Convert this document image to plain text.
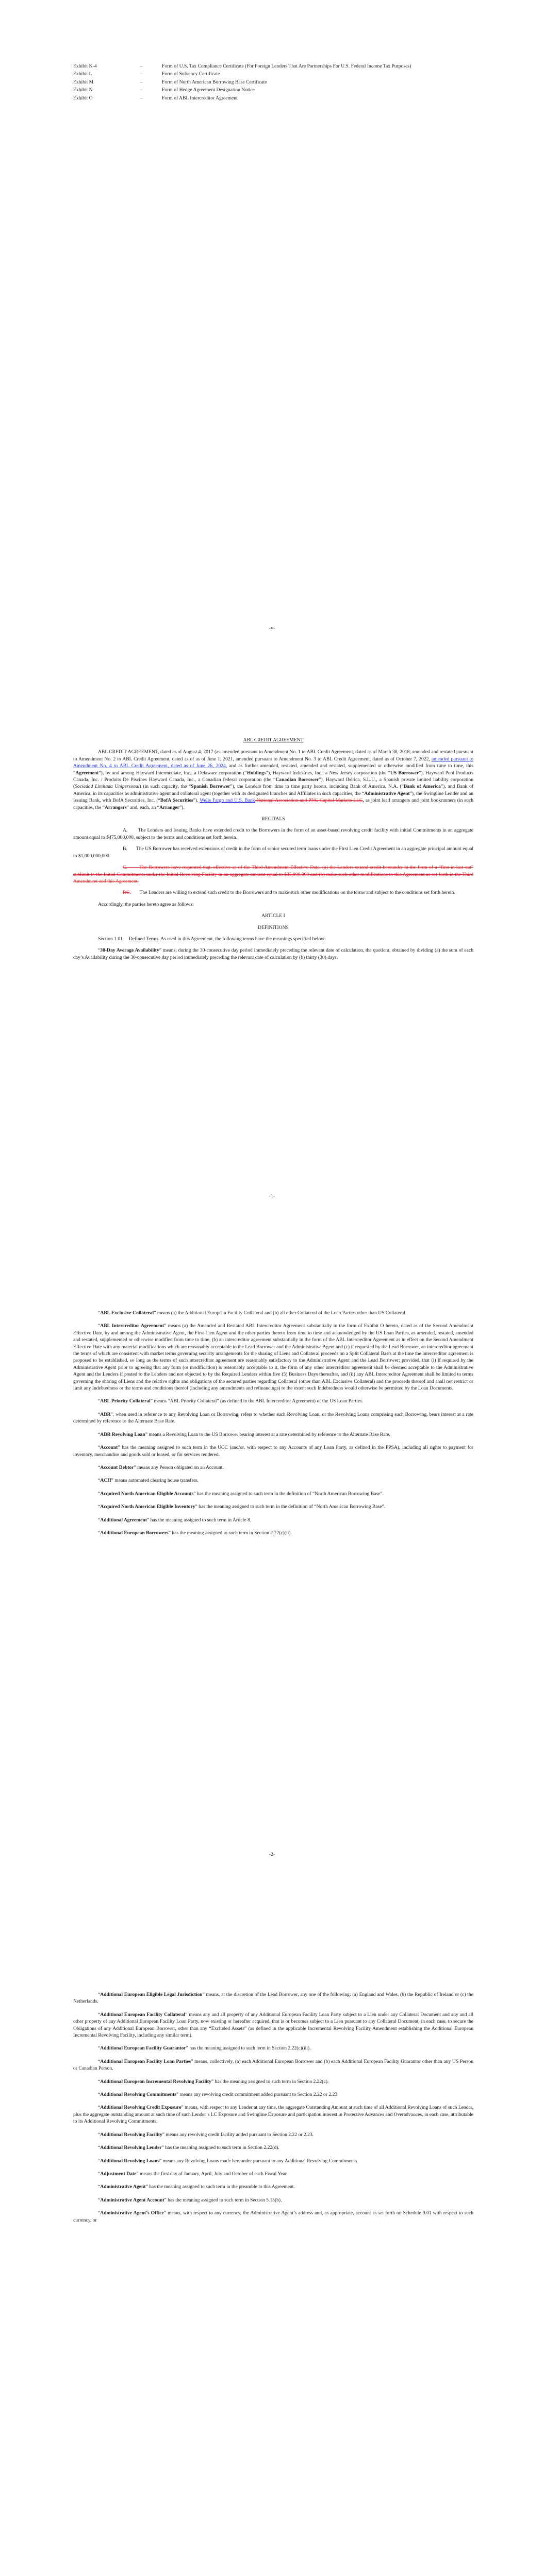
Exhibit K-4	–	Form of U.S. Tax Compliance Certificate (For Foreign Lenders That Are Partnerships For U.S. Federal Income Tax Purposes)
Exhibit L	–	Form of Solvency Certificate
Exhibit M	–	Form of North American Borrowing Base Certificate
Exhibit N	–	Form of Hedge Agreement Designation Notice
Exhibit O	–	Form of ABL Intercreditor Agreement
-v-

ABL CREDIT AGREEMENT

ABL CREDIT AGREEMENT, dated as of August 4, 2017 (as amended pursuant to Amendment No. 1 to ABL Credit Agreement, dated as of March 30, 2018, amended and restated pursuant to Amendment No. 2 to ABL Credit Agreement, dated as of as of June 1, 2021, amended pursuant to Amendment No. 3 to ABL Credit Agreement, dated as of October 7, 2022, amended pursuant to Amendment No. 4 to ABL Credit Agreement, dated as of June 26, 2024, and as further amended, restated, amended and restated, supplemented or otherwise modified from time to time, this “Agreement”), by and among Hayward Intermediate, Inc., a Delaware corporation (“Holdings”), Hayward Industries, Inc., a New Jersey corporation (the “US Borrower”), Hayward Pool Products Canada, Inc. / Produits De Piscines Hayward Canada, Inc., a Canadian federal corporation (the “Canadian Borrower”), Hayward Ibérica, S.L.U., a Spanish private limited liability corporation (Sociedad Limitada Unipersonal) (in such capacity, the “Spanish Borrower”), the Lenders from time to time party hereto, including Bank of America, N.A. (“Bank of America”), and Bank of America, in its capacities as administrative agent and collateral agent (together with its designated branches and Affiliates in such capacities, the “Administrative Agent”), the Swingline Lender and an Issuing Bank, with BofA Securities, Inc. (“BofA Securities”), Wells Fargo and U.S. Bank National Association and PNC Capital Markets LLC, as joint lead arrangers and joint bookrunners (in such capacities, the “Arrangers” and, each, an “Arranger”).

RECITALS

A.       The Lenders and Issuing Banks have extended credit to the Borrowers in the form of an asset-based revolving credit facility with initial Commitments in an aggregate amount equal to $475,000,000, subject to the terms and conditions set forth herein.

B.       The US Borrower has received extensions of credit in the form of senior secured term loans under the First Lien Credit Agreement in an aggregate principal amount equal to $1,000,000,000.

C.       The Borrowers have requested that, effective as of the Third Amendment Effective Date, (a) the Lenders extend credit hereunder in the form of a “first in last out” sublimit to the Initial Commitments under the Initial Revolving Facility in an aggregate amount equal to $35,000,000 and (b) make such other modifications to this Agreement as set forth in the Third Amendment and this Agreement.

DC.       The Lenders are willing to extend such credit to the Borrowers and to make such other modifications on the terms and subject to the conditions set forth herein.

Accordingly, the parties hereto agree as follows:

ARTICLE I

DEFINITIONS

Section 1.01 Defined Terms. As used in this Agreement, the following terms have the meanings specified below:

“30-Day Average Availability” means, during the 30-consecutive day period immediately preceding the relevant date of calculation, the quotient, obtained by dividing (a) the sum of each day’s Availability during the 30-consecutive day period immediately preceding the relevant date of calculation by (b) thirty (30) days.

-1-

“ABL Exclusive Collateral” means (a) the Additional European Facility Collateral and (b) all other Collateral of the Loan Parties other than US Collateral.

“ABL Intercreditor Agreement” means (a) the Amended and Restated ABL Intercreditor Agreement substantially in the form of Exhibit O hereto, dated as of the Second Amendment Effective Date, by and among the Administrative Agent, the First Lien Agent and the other parties thereto from time to time and acknowledged by the US Loan Parties, as amended, restated, amended and restated, supplemented or otherwise modified from time to time, (b) an intercreditor agreement substantially in the form of the ABL Intercreditor Agreement as in effect on the Second Amendment Effective Date with any material modifications which are reasonably acceptable to the Lead Borrower and the Administrative Agent and (c) if requested by the Lead Borrower, an intercreditor agreement the terms of which are consistent with market terms governing security arrangements for the sharing of Liens and Collateral proceeds on a Split Collateral Basis at the time the intercreditor agreement is proposed to be established, so long as the terms of such intercreditor agreement are reasonably satisfactory to the Administrative Agent and the Lead Borrower; provided, that (i) if required by the Administrative Agent prior to agreeing that any form (or modification) is reasonably acceptable to it, the form of any other intercreditor agreement shall be deemed acceptable to the Administrative Agent and the Lenders if posted to the Lenders and not objected to by the Required Lenders within five (5) Business Days thereafter, and (ii) any ABL Intercreditor Agreement shall be limited to terms governing the sharing of Liens and the relative rights and obligations of the secured parties regarding Collateral (other than ABL Exclusive Collateral) and the proceeds thereof and shall not restrict or limit any Indebtedness or the terms and conditions thereof (including any amendments and refinancings) to the extent such Indebtedness would otherwise be permitted by the Loan Documents.

“ABL Priority Collateral” means “ABL Priority Collateral” (as defined in the ABL Intercreditor Agreement) of the US Loan Parties.

“ABR”, when used in reference to any Revolving Loan or Borrowing, refers to whether such Revolving Loan, or the Revolving Loans comprising such Borrowing, bears interest at a rate determined by reference to the Alternate Base Rate.

“ABR Revolving Loan” means a Revolving Loan to the US Borrower bearing interest at a rate determined by reference to the Alternate Base Rate.

“Account” has the meaning assigned to such term in the UCC (and/or, with respect to any Accounts of any Loan Party, as defined in the PPSA), including all rights to payment for inventory, merchandise and goods sold or leased, or for services rendered.

“Account Debtor” means any Person obligated on an Account.

“ACH” means automated clearing house transfers.

“Acquired North American Eligible Accounts” has the meaning assigned to such term in the definition of “North American Borrowing Base”.

“Acquired North American Eligible Inventory” has the meaning assigned to such term in the definition of “North American Borrowing Base”.

“Additional Agreement” has the meaning assigned to such term in Article 8.

“Additional European Borrowers” has the meaning assigned to such term in Section 2.22(c)(ii).

-2-

“Additional European Eligible Legal Jurisdiction” means, at the discretion of the Lead Borrower, any one of the following: (a) England and Wales, (b) the Republic of Ireland or (c) the Netherlands.

“Additional European Facility Collateral” means any and all property of any Additional European Facility Loan Party subject to a Lien under any Collateral Document and any and all other property of any Additional European Facility Loan Party, now existing or hereafter acquired, that is or becomes subject to a Lien pursuant to any Collateral Document, in each case, to secure the Obligations of any Additional European Borrower, other than any “Excluded Assets” (as defined in the applicable Incremental Revolving Facility Amendment establishing the Additional European Incremental Revolving Facility, including any similar term).

“Additional European Facility Guarantor” has the meaning assigned to such term in Section 2.22(c)(iii).

“Additional European Facility Loan Parties” means, collectively, (a) each Additional European Borrower and (b) each Additional European Facility Guarantor other than any US Person or Canadian Person.

“Additional European Incremental Revolving Facility” has the meaning assigned to such term in Section 2.22(c).

“Additional Revolving Commitments” means any revolving credit commitment added pursuant to Section 2.22 or 2.23.

“Additional Revolving Credit Exposure” means, with respect to any Lender at any time, the aggregate Outstanding Amount at such time of all Additional Revolving Loans of such Lender, plus the aggregate outstanding amount at such time of such Lender’s LC Exposure and Swingline Exposure and participation interest in Protective Advances and Overadvances, in each case, attributable to its Additional Revolving Commitments.

“Additional Revolving Facility” means any revolving credit facility added pursuant to Section 2.22 or 2.23.

“Additional Revolving Lender” has the meaning assigned to such term in Section 2.22(d).

“Additional Revolving Loans” means any Revolving Loans made hereunder pursuant to any Additional Revolving Commitments.

“Adjustment Date” means the first day of January, April, July and October of each Fiscal Year.

“Administrative Agent” has the meaning assigned to such term in the preamble to this Agreement.

“Administrative Agent Account” has the meaning assigned to such term in Section 5.15(b).

“Administrative Agent’s Office” means, with respect to any currency, the Administrative Agent’s address and, as appropriate, account as set forth on Schedule 9.01 with respect to such currency, or
